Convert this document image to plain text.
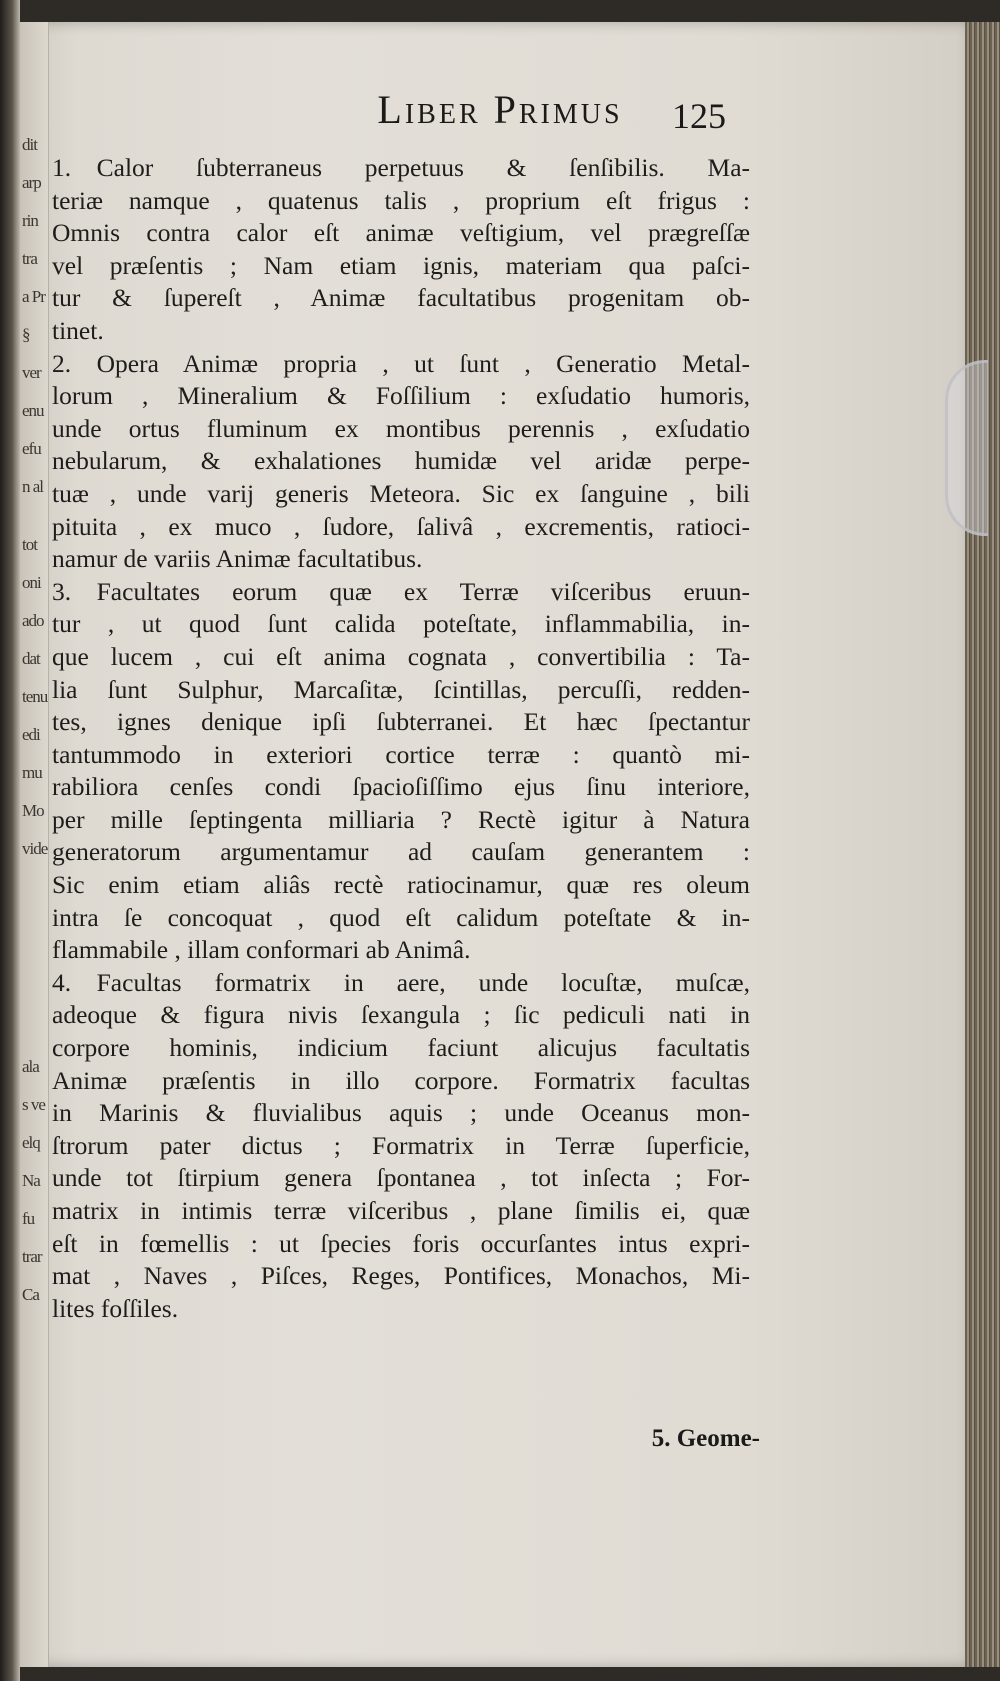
dit
arp
rin
tra
a Pr
§
ver
enu
efu
n al
tot
oni
ado
dat
tenu
edi
mu
Mo
vide
ala
s ve
elq
Na
fu
trar
Ca
Liber Primus	125
1.  Calor ſubterraneus perpetuus & ſenſibilis. Ma-
teriæ namque , quatenus talis , proprium eſt frigus :
Omnis contra calor eſt animæ veſtigium, vel prægreſſæ
vel præſentis ; Nam etiam ignis, materiam qua paſci-
tur & ſupereſt , Animæ facultatibus progenitam ob-
tinet.
2.  Opera Animæ propria , ut ſunt , Generatio Metal-
lorum , Mineralium & Foſſilium : exſudatio humoris,
unde ortus fluminum ex montibus perennis , exſudatio
nebularum, & exhalationes humidæ vel aridæ perpe-
tuæ , unde varij generis Meteora. Sic ex ſanguine , bili
pituita , ex muco , ſudore, ſalivâ , excrementis, ratioci-
namur de variis Animæ facultatibus.
3.  Facultates eorum quæ ex Terræ viſceribus eruun-
tur , ut quod ſunt calida poteſtate, inflammabilia, in-
que lucem , cui eſt anima cognata , convertibilia : Ta-
lia ſunt Sulphur, Marcaſitæ, ſcintillas, percuſſi, redden-
tes, ignes denique ipſi ſubterranei. Et hæc ſpectantur
tantummodo in exteriori cortice terræ : quantò mi-
rabiliora cenſes condi ſpacioſiſſimo ejus ſinu interiore,
per mille ſeptingenta milliaria ? Rectè igitur à Natura
generatorum argumentamur ad cauſam generantem :
Sic enim etiam aliâs rectè ratiocinamur, quæ res oleum
intra ſe concoquat , quod eſt calidum poteſtate & in-
flammabile , illam conformari ab Animâ.
4.  Facultas formatrix in aere, unde locuſtæ, muſcæ,
adeoque & figura nivis ſexangula ; ſic pediculi nati in
corpore hominis, indicium faciunt alicujus facultatis
Animæ præſentis in illo corpore. Formatrix facultas
in Marinis & fluvialibus aquis ; unde Oceanus mon-
ſtrorum pater dictus ; Formatrix in Terræ ſuperficie,
unde tot ſtirpium genera ſpontanea , tot inſecta ; For-
matrix in intimis terræ viſceribus , plane ſimilis ei, quæ
eſt in fœmellis : ut ſpecies foris occurſantes intus expri-
mat , Naves , Piſces, Reges, Pontifices, Monachos, Mi-
lites foſſiles.
5. Geome-
